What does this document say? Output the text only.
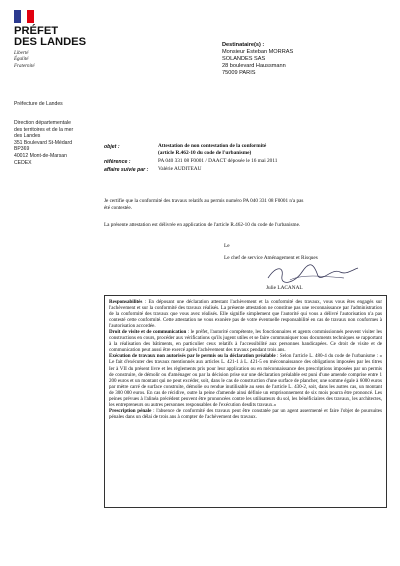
PRÉFET
DES LANDES
Liberté
Égalité
Fraternité
Préfecture de Landes
Direction départementale
des territoires et de la mer
des Landes
351 Boulevard St-Médard
BP369
40012 Mont-de-Marsan
CEDEX
Destinataire(s) :
Monsieur Esteban MORRAS
SOLANDES SAS
28 boulevard Haussmann
75009 PARIS
objet :	Attestation de non contestation de la conformité
(article R.462-10 du code de l'urbanisme)
référence :	PA 040 331 08 F0001 / DAACT déposée le 16 mai 2011
affaire suivie par : Valérie AUDITEAU
Je certifie que la conformité des travaux relatifs au permis numéro PA 040 331 08 F0001 n'a pas
été contestée.
La présente attestation est délivrée en application de l'article R.462-10 du code de l'urbanisme.
Le
Le chef de service Aménagement et Risques
Julie LACANAL

Responsabilités : En déposant une déclaration attestant l'achèvement et la conformité des travaux, vous vous êtes engagés sur l'achèvement et sur la conformité des travaux réalisés. La présente attestation ne constitue pas une reconnaissance par l'administration de la conformité des travaux que vous avez réalisés. Elle signifie simplement que l'autorité qui vous a délivré l'autorisation n'a pas contesté cette conformité. Cette attestation ne vous exonère pas de votre éventuelle responsabilité en cas de travaux non conformes à l'autorisation accordée.

Droit de visite et de communication : le préfet, l'autorité compétente, les fonctionnaires et agents commissionnés peuvent visiter les constructions en cours, procéder aux vérifications qu'ils jugent utiles et se faire communiquer tous documents techniques se rapportant à la réalisation des bâtiments, en particulier ceux relatifs à l'accessibilité aux personnes handicapées. Ce droit de visite et de communication peut aussi être exercé après l'achèvement des travaux pendant trois ans.

Exécution de travaux non autorisés par le permis ou la déclaration préalable : Selon l'article L. 480-4 du code de l'urbanisme : « Le fait d'exécuter des travaux mentionnés aux articles L. 421-1 à L. 421-5 en méconnaissance des obligations imposées par les titres Ier à VII du présent livre et les règlements pris pour leur application ou en méconnaissance des prescriptions imposées par un permis de construire, de démolir ou d'aménager ou par la décision prise sur une déclaration préalable est puni d'une amende comprise entre 1 200 euros et un montant qui ne peut excéder, soit, dans le cas de construction d'une surface de plancher, une somme égale à 6000 euros par mètre carré de surface construite, démolie ou rendue inutilisable au sens de l'article L. 430-2, soit, dans les autres cas, un montant de 300 000 euros. En cas de récidive, outre la peine d'amende ainsi définie un emprisonnement de six mois pourra être prononcé. Les peines prévues à l'alinéa précédent peuvent être prononcées contre les utilisateurs du sol, les bénéficiaires des travaux, les architectes, les entrepreneurs ou autres personnes responsables de l'exécution desdits travaux.»

Prescription pénale : l'absence de conformité des travaux peut être constatée par un agent assermenté et faire l'objet de poursuites pénales dans un délai de trois ans à compter de l'achèvement des travaux.
